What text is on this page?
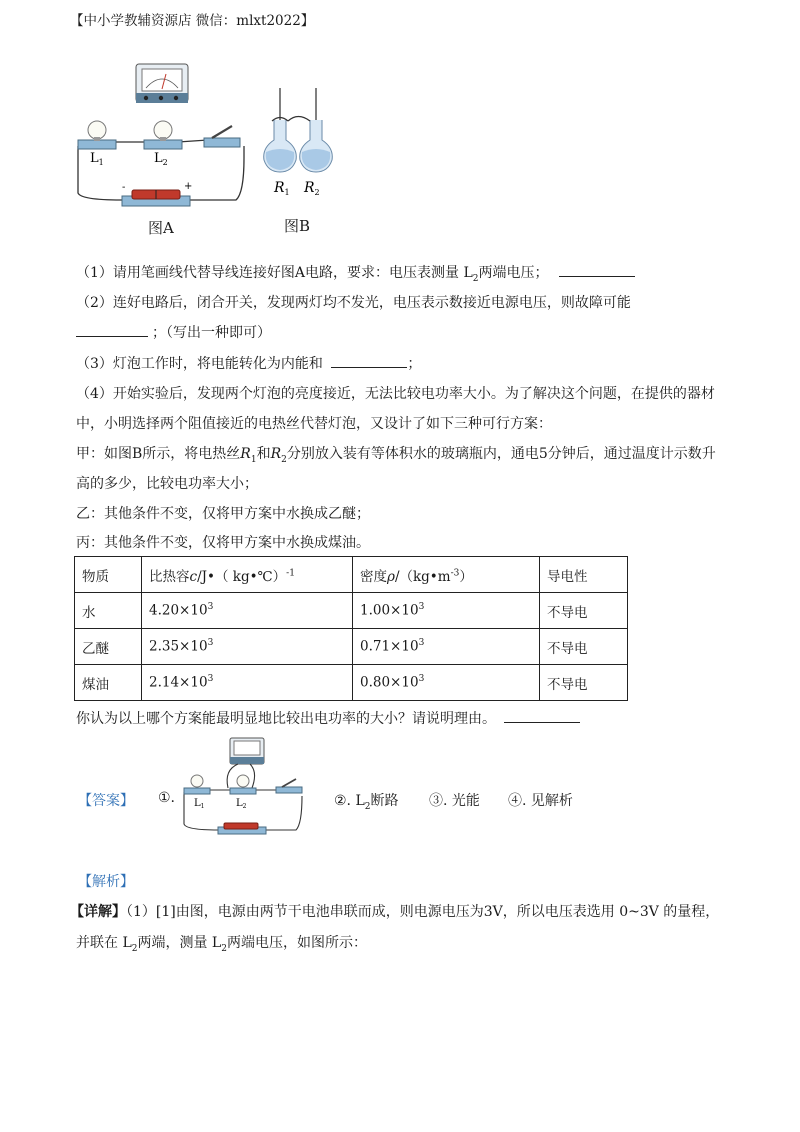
【中小学教辅资源店 微信：mlxt2022】
-	+
$L_1$	$L_2$
图A
$R_1$ $R_2$
图B
（1）请用笔画线代替导线连接好图A电路，要求：电压表测量 $L_2$两端电压；
（2）连好电路后，闭合开关，发现两灯均不发光，电压表示数接近电源电压，则故障可能
；（写出一种即可）
（3）灯泡工作时，将电能转化为内能和	；
（4）开始实验后，发现两个灯泡的亮度接近，无法比较电功率大小。为了解决这个问题，在提供的器材
中，小明选择两个阻值接近的电热丝代替灯泡，又设计了如下三种可行方案：
甲：如图B所示，将电热丝$R_1$和$R_2$分别放入装有等体积水的玻璃瓶内，通电5分钟后，通过温度计示数升
高的多少，比较电功率大小；
乙：其他条件不变，仅将甲方案中水换成乙醚；
丙：其他条件不变，仅将甲方案中水换成煤油。
物质	比热容c/J•（ kg•℃）$^{-1}$	密度$\rho/(kg•m^{-3})$	导电性
水	$4.20\times 10^3$	$1.00\times 10^3$	不导电
乙醚	$2.35\times 10^3$	$0.71\times 10^3$	不导电
煤油	$2.14\times 10^3$	$0.80\times 10^3$	不导电
你认为以上哪个方案能最明显地比较出电功率的大小？请说明理由。
【答案】 ①. $L_1$	$L_2$	②. $L_2$断路 ③. 光能 ④. 见解析
【解析】
【详解】（1）[1]由图，电源由两节干电池串联而成，则电源电压为3V，所以电压表选用 0~3V 的量程，
并联在 $L_2$两端，测量 $L_2$两端电压，如图所示：
